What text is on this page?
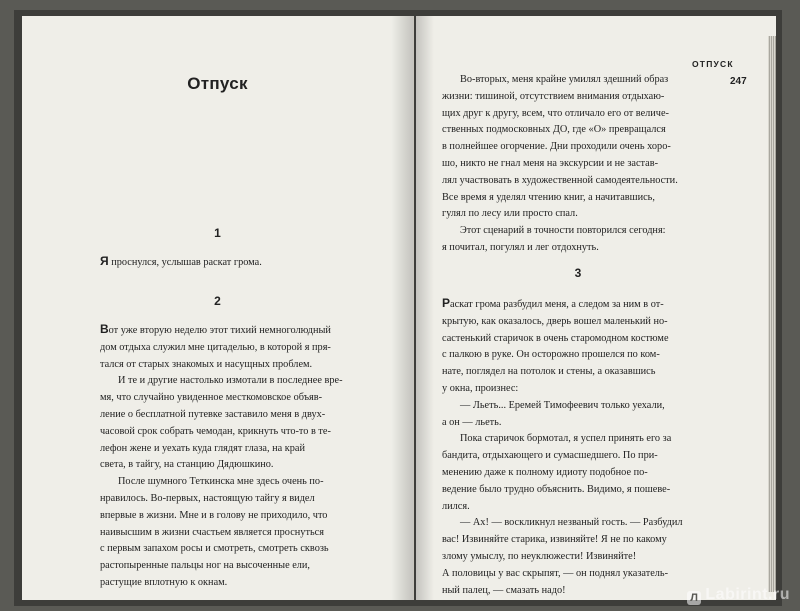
Отпуск
1

Я проснулся, услышав раскат грома.

2
Вот уже вторую неделю этот тихий немноголюдный
дом отдыха служил мне цитаделью, в которой я пря-
тался от старых знакомых и насущных проблем.
И те и другие настолько измотали в последнее вре-
мя, что случайно увиденное месткомовское объяв-
ление о бесплатной путевке заставило меня в двух-
часовой срок собрать чемодан, крикнуть что-то в те-
лефон жене и уехать куда глядят глаза, на край
света, в тайгу, на станцию Дядюшкино.
После шумного Теткинска мне здесь очень по-
нравилось. Во-первых, настоящую тайгу я видел
впервые в жизни. Мне и в голову не приходило, что
наивысшим в жизни счастьем является проснуться
с первым запахом росы и смотреть, смотреть сквозь
растопыренные пальцы ног на высоченные ели,
растущие вплотную к окнам.
ОТПУСК
247
Во-вторых, меня крайне умилял здешний образ
жизни: тишиной, отсутствием внимания отдыхаю-
щих друг к другу, всем, что отличало его от величе-
ственных подмосковных ДО, где «О» превращался
в полнейшее огорчение. Дни проходили очень хоро-
шо, никто не гнал меня на экскурсии и не застав-
лял участвовать в художественной самодеятельности.
Все время я уделял чтению книг, а начитавшись,
гулял по лесу или просто спал.
Этот сценарий в точности повторился сегодня:
я почитал, погулял и лег отдохнуть.
3
Раскат грома разбудил меня, а следом за ним в от-
крытую, как оказалось, дверь вошел маленький но-
састенький старичок в очень старомодном костюме
с палкою в руке. Он осторожно прошелся по ком-
нате, поглядел на потолок и стены, а оказавшись
у окна, произнес:
— Льеть... Еремей Тимофеевич только уехали,
а он — льеть.
Пока старичок бормотал, я успел принять его за
бандита, отдыхающего и сумасшедшего. По при-
менению даже к полному идиоту подобное по-
ведение было трудно объяснить. Видимо, я пошеве-
лился.
— Ах! — воскликнул незваный гость. — Разбудил
вас! Извиняйте старика, извиняйте! Я не по какому
злому умыслу, по неуклюжести! Извиняйте!
А половицы у вас скрыпят, — он поднял указатель-
ный палец, — смазать надо!
Л Labirint.ru
